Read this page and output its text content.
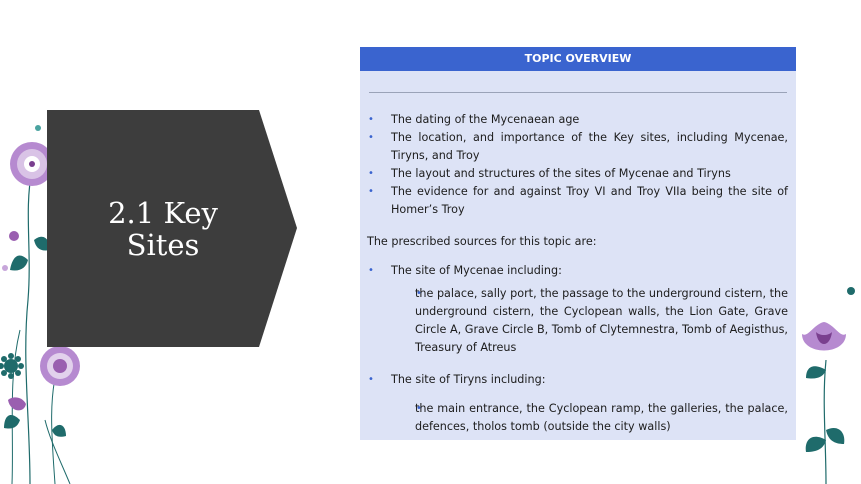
2.1 Key
Sites
TOPIC OVERVIEW
• The dating of the Mycenaean age
• The location, and importance of the Key sites, including Mycenae, Tiryns, and Troy
• The layout and structures of the sites of Mycenae and Tiryns
• The evidence for and against Troy VI and Troy VIIa being the site of Homer’s Troy

The prescribed sources for this topic are:

• The site of Mycenae including:
• the palace, sally port, the passage to the underground cistern, the underground cistern, the Cyclopean walls, the Lion Gate, Grave Circle A, Grave Circle B, Tomb of Clytemnestra, Tomb of Aegisthus, Treasury of Atreus
• The site of Tiryns including:
• the main entrance, the Cyclopean ramp, the galleries, the palace, defences, tholos tomb (outside the city walls)
